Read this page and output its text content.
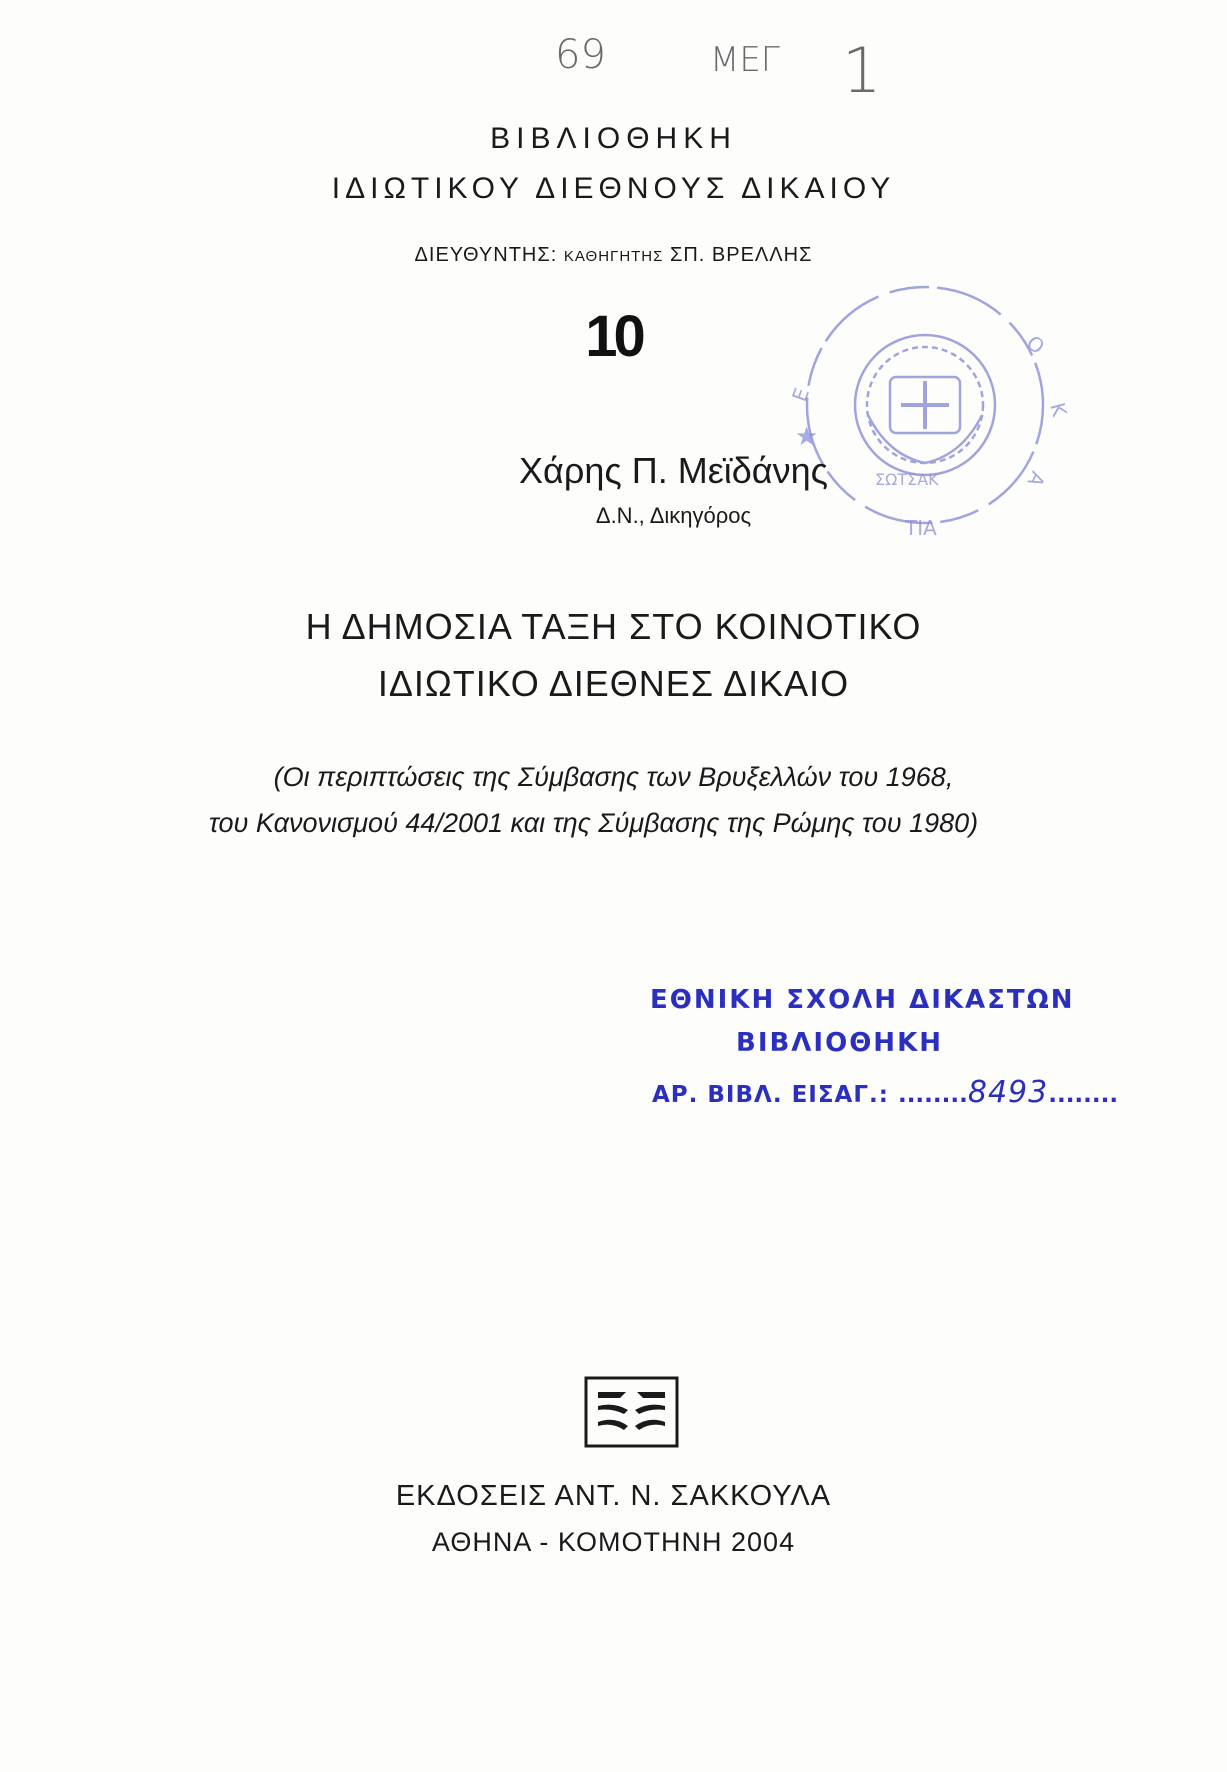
69	ΜΕΓ 1
ΒΙΒΛΙΟΘΗΚΗ
ΙΔΙΩΤΙΚΟΥ ΔΙΕΘΝΟΥΣ ΔΙΚΑΙΟΥ
ΔΙΕΥΘΥΝΤΗΣ: ΚΑΘΗΓΗΤΗΣ ΣΠ. ΒΡΕΛΛΗΣ
10
Ε
Ο
Κ
Α
ΤΙΑ
★
ΣΩΤΣΑΚ
Χάρης Π. Μεϊδάνης
Δ.Ν., Δικηγόρος
Η ΔΗΜΟΣΙΑ ΤΑΞΗ ΣΤΟ ΚΟΙΝΟΤΙΚΟ
ΙΔΙΩΤΙΚΟ ΔΙΕΘΝΕΣ ΔΙΚΑΙΟ
(Οι περιπτώσεις της Σύμβασης των Βρυξελλών του 1968,
του Κανονισμού 44/2001 και της Σύμβασης της Ρώμης του 1980)
ΕΘΝΙΚΗ ΣΧΟΛΗ ΔΙΚΑΣΤΩΝ
ΒΙΒΛΙΟΘΗΚΗ
ΑΡ. ΒΙΒΛ. ΕΙΣΑΓ.: ........8493........
ΕΚΔΟΣΕΙΣ ΑΝΤ. Ν. ΣΑΚΚΟΥΛΑ
ΑΘΗΝΑ - ΚΟΜΟΤΗΝΗ 2004
